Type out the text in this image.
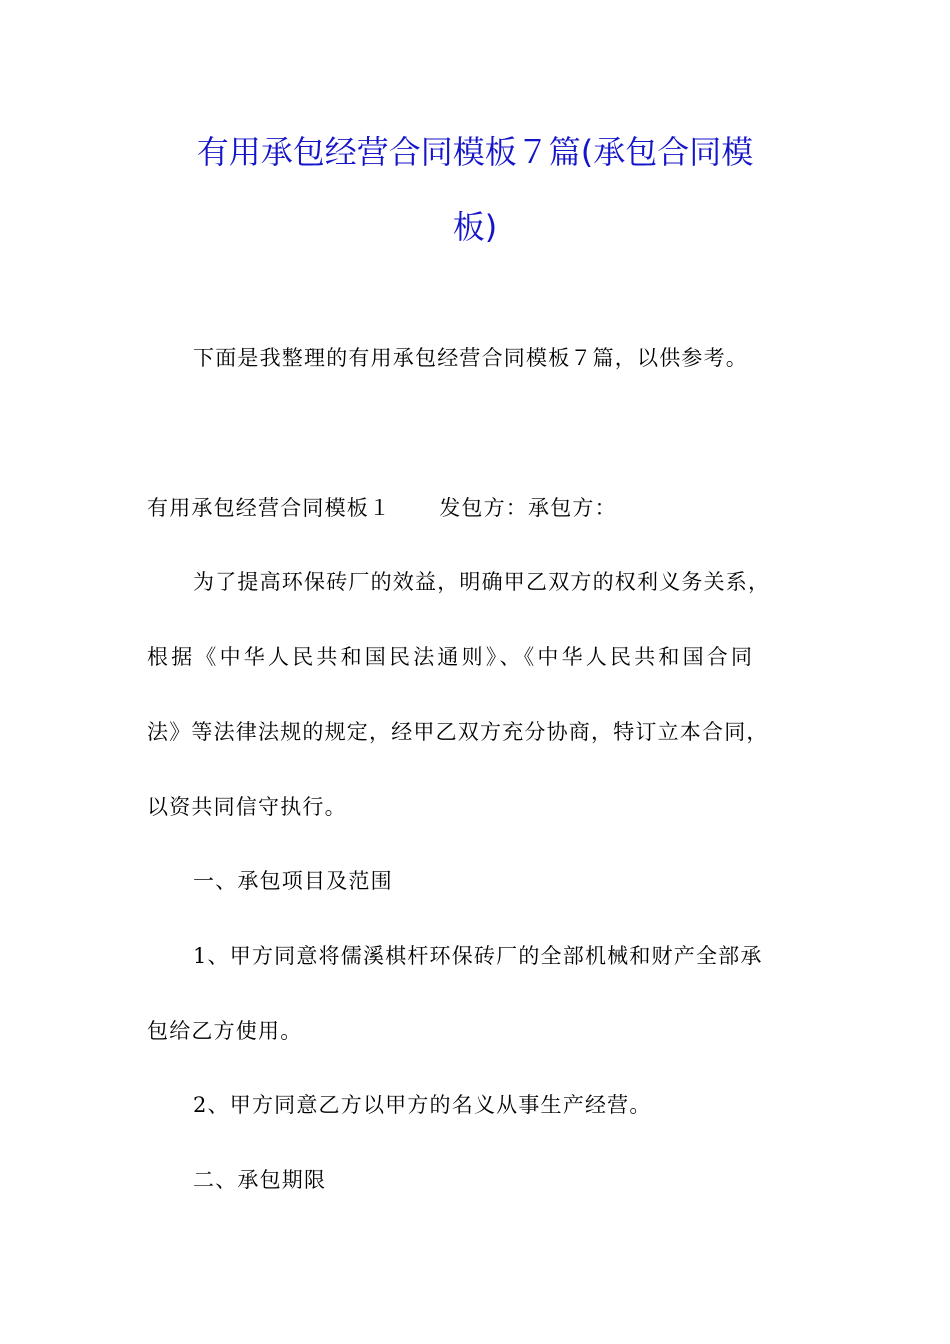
有用承包经营合同模板７篇(承包合同模
板)
下面是我整理的有用承包经营合同模板７篇，以供参考。
有用承包经营合同模板１ 发包方：承包方：
为了提高环保砖厂的效益，明确甲乙双方的权利义务关系，
根据《中华人民共和国民法通则》、《中华人民共和国合同
法》等法律法规的规定，经甲乙双方充分协商，特订立本合同，
以资共同信守执行。
一、承包项目及范围
1、甲方同意将儒溪棋杆环保砖厂的全部机械和财产全部承
包给乙方使用。
2、甲方同意乙方以甲方的名义从事生产经营。
二、承包期限
